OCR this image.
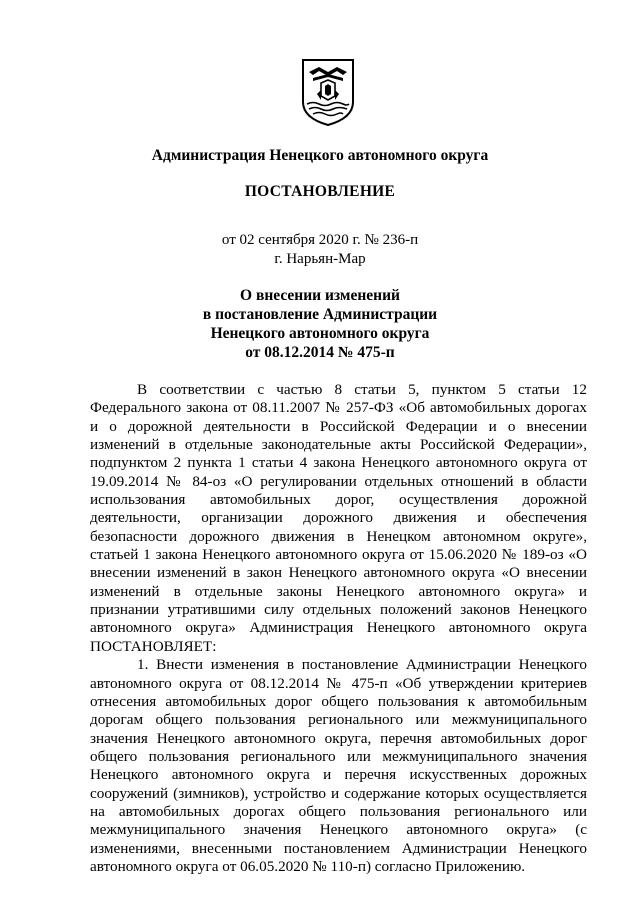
Администрация Ненецкого автономного округа
ПОСТАНОВЛЕНИЕ
от 02 сентября 2020 г. № 236-п
г. Нарьян-Мар
О внесении изменений
в постановление Администрации
Ненецкого автономного округа
от 08.12.2014 № 475-п

В соответствии с частью 8 статьи 5, пунктом 5 статьи 12 Федерального закона от 08.11.2007 № 257-ФЗ «Об автомобильных дорогах и о дорожной деятельности в Российской Федерации и о внесении изменений в отдельные законодательные акты Российской Федерации», подпунктом 2 пункта 1 статьи 4 закона Ненецкого автономного округа от 19.09.2014 № 84-оз «О регулировании отдельных отношений в области использования автомобильных дорог, осуществления дорожной деятельности, организации дорожного движения и обеспечения безопасности дорожного движения в Ненецком автономном округе», статьей 1 закона Ненецкого автономного округа от 15.06.2020 № 189-оз «О внесении изменений в закон Ненецкого автономного округа «О внесении изменений в отдельные законы Ненецкого автономного округа» и признании утратившими силу отдельных положений законов Ненецкого автономного округа» Администрация Ненецкого автономного округа ПОСТАНОВЛЯЕТ:

1. Внести изменения в постановление Администрации Ненецкого автономного округа от 08.12.2014 № 475-п «Об утверждении критериев отнесения автомобильных дорог общего пользования к автомобильным дорогам общего пользования регионального или межмуниципального значения Ненецкого автономного округа, перечня автомобильных дорог общего пользования регионального или межмуниципального значения Ненецкого автономного округа и перечня искусственных дорожных сооружений (зимников), устройство и содержание которых осуществляется на автомобильных дорогах общего пользования регионального или межмуниципального значения Ненецкого автономного округа» (с изменениями, внесенными постановлением Администрации Ненецкого автономного округа от 06.05.2020 № 110-п) согласно Приложению.
